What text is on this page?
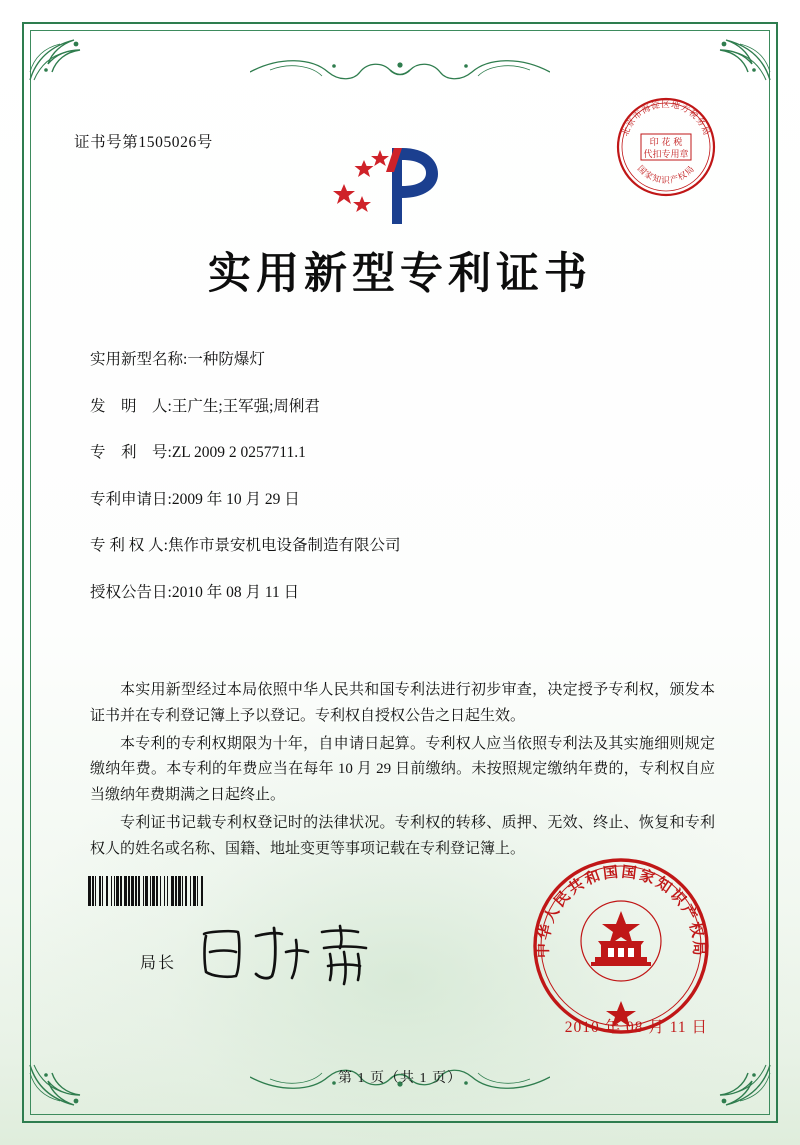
证书号第1505026号	印 花 税
代扣专用章
北京市海淀区地方税务局
国家知识产权局
实用新型专利证书
实用新型名称: 一种防爆灯
发　明　人: 王广生;王军强;周俐君
专　利　号: ZL 2009 2 0257711.1
专利申请日: 2009 年 10 月 29 日
专 利 权 人: 焦作市景安机电设备制造有限公司
授权公告日: 2010 年 08 月 11 日

本实用新型经过本局依照中华人民共和国专利法进行初步审查，决定授予专利权，颁发本证书并在专利登记簿上予以登记。专利权自授权公告之日起生效。

本专利的专利权期限为十年，自申请日起算。专利权人应当依照专利法及其实施细则规定缴纳年费。本专利的年费应当在每年 10 月 29 日前缴纳。未按照规定缴纳年费的，专利权自应当缴纳年费期满之日起终止。

专利证书记载专利权登记时的法律状况。专利权的转移、质押、无效、终止、恢复和专利权人的姓名或名称、国籍、地址变更等事项记载在专利登记簿上。

局长
中华人民共和国国家知识产权局
2010 年 08 月 11 日
第 1 页（共 1 页）
